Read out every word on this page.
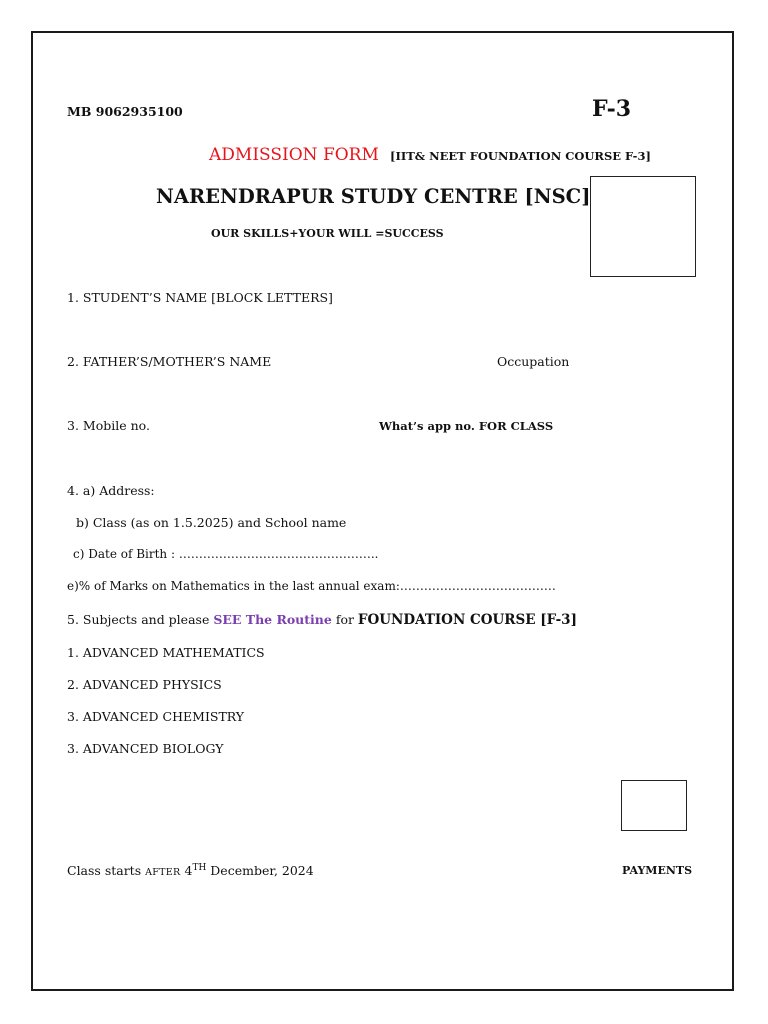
MB 9062935100	F-3
ADMISSION FORM [IIT& NEET FOUNDATION COURSE F-3]
NARENDRAPUR STUDY CENTRE [NSC]
OUR SKILLS+YOUR WILL =SUCCESS
1. STUDENT’S NAME [BLOCK LETTERS]
2. FATHER’S/MOTHER’S NAME	Occupation
3. Mobile no.	What’s app no. FOR CLASS
4. a) Address:
b) Class (as on 1.5.2025) and School name
c) Date of Birth : …………………………………………..
e)% of Marks on Mathematics in the last annual exam:…………………………………
5. Subjects and please SEE The Routine for FOUNDATION COURSE [F-3]
1. ADVANCED MATHEMATICS
2. ADVANCED PHYSICS
3. ADVANCED CHEMISTRY
3. ADVANCED BIOLOGY
Class starts AFTER 4TH December, 2024	PAYMENTS
